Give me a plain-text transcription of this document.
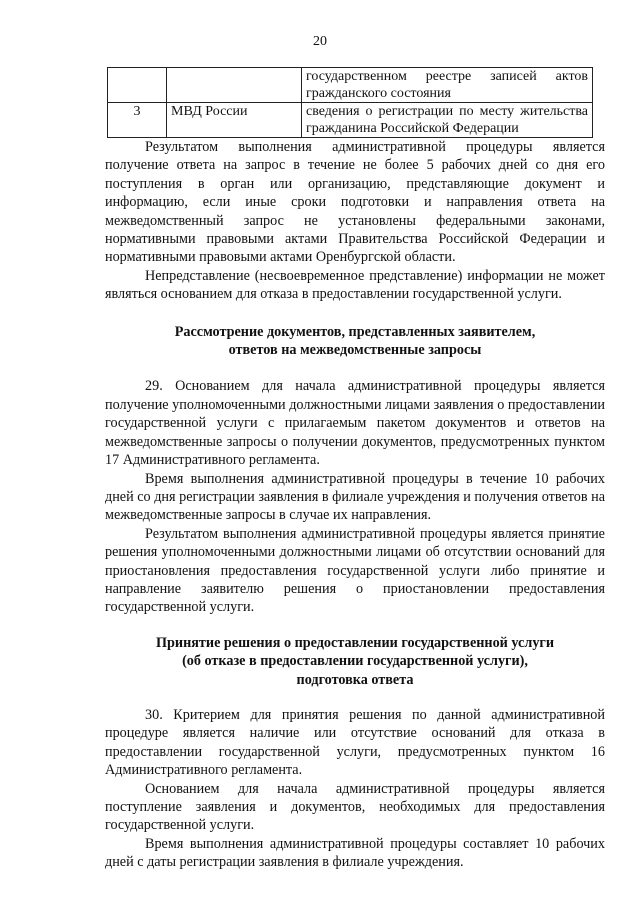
20
		государственном реестре записей актов гражданского состояния
3	МВД России	сведения о регистрации по месту жительства гражданина Российской Федерации

Результатом выполнения административной процедуры является получение ответа на запрос в течение не более 5 рабочих дней со дня его поступления в орган или организацию, представляющие документ и информацию, если иные сроки подготовки и направления ответа на межведомственный запрос не установлены федеральными законами, нормативными правовыми актами Правительства Российской Федерации и нормативными правовыми актами Оренбургской области.

Непредставление (несвоевременное представление) информации не может являться основанием для отказа в предоставлении государственной услуги.

Рассмотрение документов, представленных заявителем,
ответов на межведомственные запросы

29. Основанием для начала административной процедуры является получение уполномоченными должностными лицами заявления о предоставлении государственной услуги с прилагаемым пакетом документов и ответов на межведомственные запросы о получении документов, предусмотренных пунктом 17 Административного регламента.

Время выполнения административной процедуры в течение 10 рабочих дней со дня регистрации заявления в филиале учреждения и получения ответов на межведомственные запросы в случае их направления.

Результатом выполнения административной процедуры является принятие решения уполномоченными должностными лицами об отсутствии оснований для приостановления предоставления государственной услуги либо принятие и направление заявителю решения о приостановлении предоставления государственной услуги.

Принятие решения о предоставлении государственной услуги
(об отказе в предоставлении государственной услуги),
подготовка ответа

30. Критерием для принятия решения по данной административной процедуре является наличие или отсутствие оснований для отказа в предоставлении государственной услуги, предусмотренных пунктом 16 Административного регламента.

Основанием для начала административной процедуры является поступление заявления и документов, необходимых для предоставления государственной услуги.

Время выполнения административной процедуры составляет 10 рабочих дней с даты регистрации заявления в филиале учреждения.
